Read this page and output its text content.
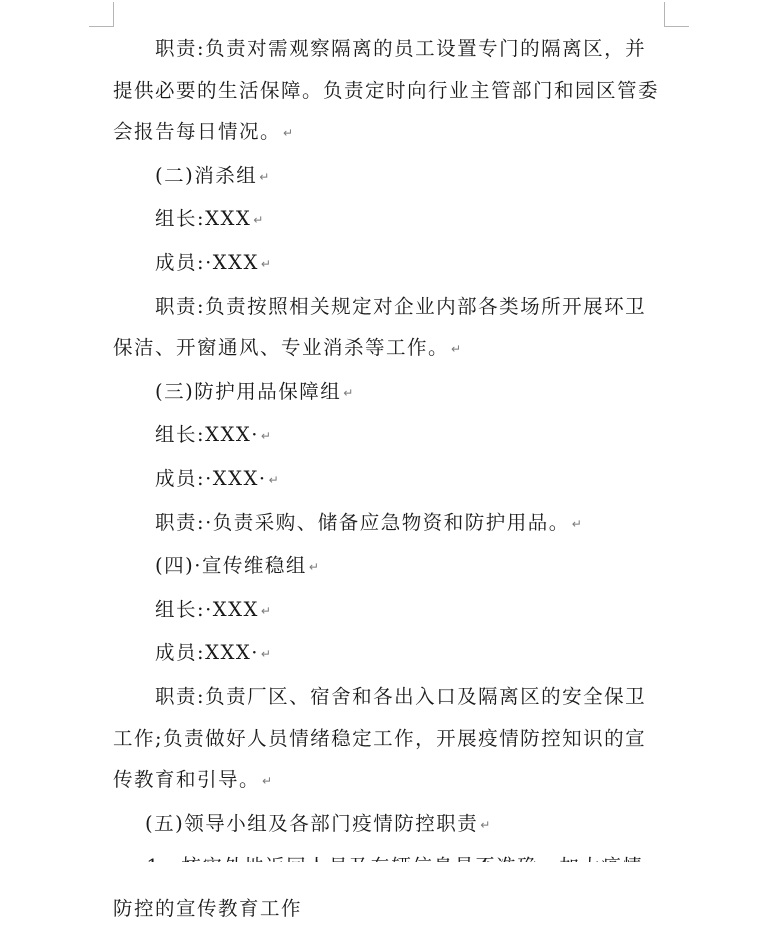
职责:负责对需观察隔离的员工设置专门的隔离区，并

提供必要的生活保障。负责定时向行业主管部门和园区管委

会报告每日情况。 ↵

(二)消杀组 ↵

组长:XXX ↵

成员:·XXX ↵

职责:负责按照相关规定对企业内部各类场所开展环卫

保洁、开窗通风、专业消杀等工作。 ↵

(三)防护用品保障组 ↵

组长:XXX· ↵

成员:·XXX· ↵

职责:·负责采购、储备应急物资和防护用品。 ↵

(四)·宣传维稳组 ↵

组长:·XXX ↵

成员:XXX· ↵

职责:负责厂区、宿舍和各出入口及隔离区的安全保卫

工作;负责做好人员情绪稳定工作，开展疫情防控知识的宣

传教育和引导。 ↵

(五)领导小组及各部门疫情防控职责 ↵

防控的宣传教育工作
